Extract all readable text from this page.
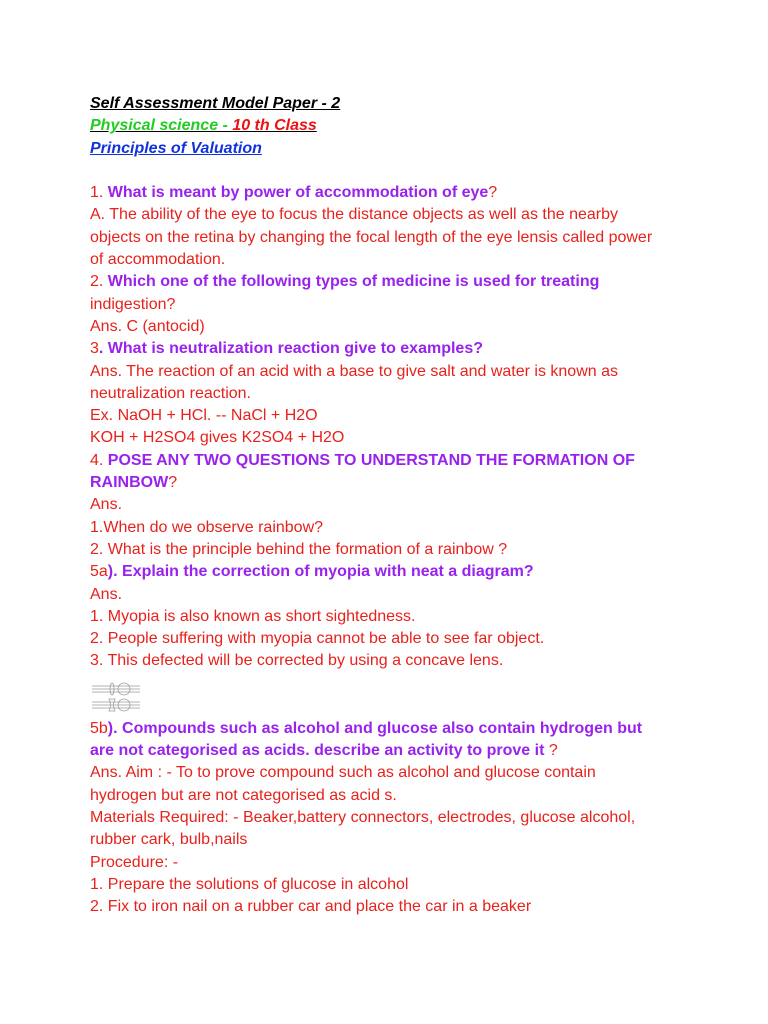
Self Assessment Model Paper - 2
Physical science - 10 th Class
Principles of Valuation
1. What is meant by power of accommodation of eye?
A. The ability of the eye to focus the distance objects as well as the nearby
objects on the retina by changing the focal length of the eye lensis called power
of accommodation.
2. Which one of the following types of medicine is used for treating
indigestion?
Ans. C (antocid)
3. What is neutralization reaction give to examples?
Ans. The reaction of an acid with a base to give salt and water is known as
neutralization reaction.
Ex. NaOH + HCl. -- NaCl + H2O
KOH + H2SO4 gives K2SO4 + H2O
4. POSE ANY TWO QUESTIONS TO UNDERSTAND THE FORMATION OF
RAINBOW?
Ans.
1.When do we observe rainbow?
2. What is the principle behind the formation of a rainbow ?
5a). Explain the correction of myopia with neat a diagram?
Ans.
1. Myopia is also known as short sightedness.
2. People suffering with myopia cannot be able to see far object.
3. This defected will be corrected by using a concave lens.
5b). Compounds such as alcohol and glucose also contain hydrogen but
are not categorised as acids. describe an activity to prove it ?
Ans. Aim : - To to prove compound such as alcohol and glucose contain
hydrogen but are not categorised as acid s.
Materials Required: - Beaker,battery connectors, electrodes, glucose alcohol,
rubber cark, bulb,nails
Procedure: -
1. Prepare the solutions of glucose in alcohol
2. Fix to iron nail on a rubber car and place the car in a beaker
